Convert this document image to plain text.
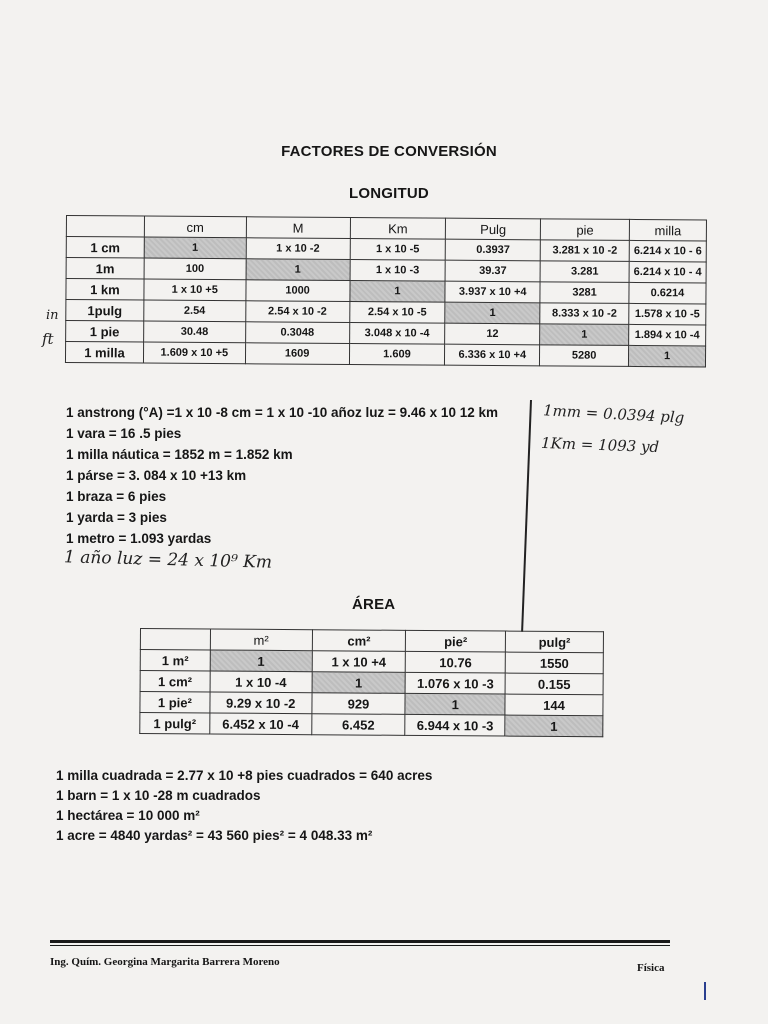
FACTORES DE CONVERSIÓN
LONGITUD
	cm	M	Km	Pulg	pie	milla
1 cm	1	1 x 10 -2	1 x 10 -5	0.3937	3.281 x 10 -2	6.214 x 10 - 6
1m	100	1	1 x 10 -3	39.37	3.281	6.214 x 10 - 4
1 km	1 x 10 +5	1000	1	3.937 x 10 +4	3281	0.6214
1pulg	2.54	2.54 x 10 -2	2.54 x 10 -5	1	8.333 x 10 -2	1.578 x 10 -5
1 pie	30.48	0.3048	3.048 x 10 -4	12	1	1.894 x 10 -4
1 milla	1.609 x 10 +5	1609	1.609	6.336 x 10 +4	5280	1
in
ft
1 anstrong (°A) =1 x 10 -8 cm = 1 x 10 -10 añoz luz = 9.46 x 10 12 km
1 vara = 16 .5 pies
1 milla náutica = 1852 m = 1.852 km
1 párse = 3. 084 x 10 +13 km
1 braza = 6 pies
1 yarda = 3 pies
1 metro = 1.093 yardas
1 año luz = 24 x 10⁹ Km
1mm = 0.0394 plg
1Km = 1093 yd
ÁREA
	m²	cm²	pie²	pulg²
1 m²	1	1 x 10 +4	10.76	1550
1 cm²	1 x 10 -4	1	1.076 x 10 -3	0.155
1 pie²	9.29 x 10 -2	929	1	144
1 pulg²	6.452 x 10 -4	6.452	6.944 x 10 -3	1
1 milla cuadrada = 2.77 x 10 +8 pies cuadrados = 640 acres
1 barn = 1 x 10 -28 m cuadrados
1 hectárea = 10 000 m²
1 acre = 4840 yardas² = 43 560 pies² = 4 048.33 m²
Ing. Quím. Georgina Margarita Barrera Moreno	Física
